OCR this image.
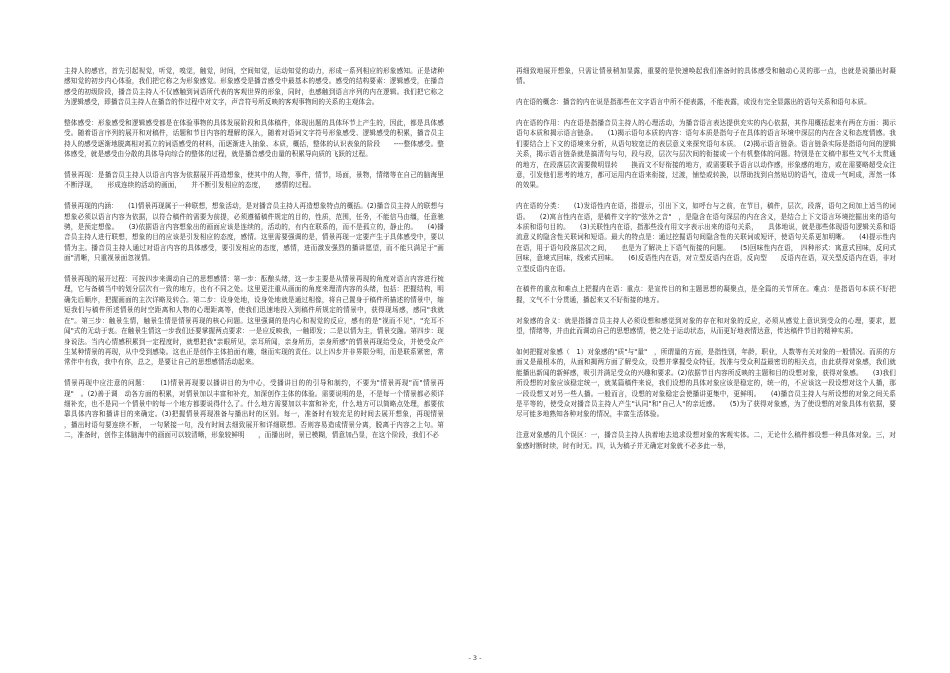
主持人的感官，首先引起视觉，听觉，嗅觉，触觉，时间，空间知觉，运动知觉的动力，形成一系列相应的形象感知。正是诸种感知觉的初步内心体验，我们把它称之为形象感觉。形象感受是播音感受中最基本的感受。感受的结构要素：逻辑感受，在播音感受的初级阶段，播音员主持人不仅感触到词语所代表的客观世界的形象，同时，也感触到语言序列的内在逻辑。我们把它称之为逻辑感受，即播音员主持人在播音的作过程中对文字，声音符号所反映的客观事物间的关系的主观体会。

整体感受：形象感受和逻辑感受都是在体验事物的具体发展阶段和具体稿件，体现出题的具体环节上产生的，因此，都是具体感受。随着语言序列的展开和对稿件，话题和节目内容的理解的深入，随着对语词文字符号形象感受、逻辑感受的积累，播音员主持人的感受逐渐地脱离相对孤立的词语感受的材料，而逐渐进入抽象、本质，概括，整体的认识表象的阶段　　----整体感受。整体感受，就是感受由分散的具体导向综合的整体的过程，就是播音感受由量的积累导向质的飞跃的过程。

情景再现：是播音员主持人以语言内容为依据展开再造想象，使其中的人物，事件，情节，场面，景物，情绪等在自己的脑海里不断浮现，　　形成连续的活动的画面，　　并不断引发相应的态度，　　感情的过程。

情景再现的内涵：　　(1)情景再现属于一种联想，想象活动，是对播音员主持人再造想象特点的概括。(2)播音员主持人的联想与想象必须以语言内容为依据，以符合稿件的需要为前提，必须遵循稿件规定的目的，性质，范围，任务，不能信马由缰，任意驰骋，是预定想像。　　(3)依据语言内容想象出的画面应该是连续的，活动的，有内在联系的，而不是孤立的，静止的。　　(4)播音员主持人进行联想，想象的目的应该是引发相应的态度，感情。这里需要强调的是，情景再现一定要产生于具体感受中，要以情为主。播音员主持人通过对语言内容的具体感受，要引发相应的态度，感情，进而激发强烈的播讲愿望，而不能只满足于"画面"清晰，只重视景面忽视情。

情景再现的展开过程：可按四步来调动自己的思想感情：第一步：酝酿头绪，这一步主要是从情景再现的角度对语言内容进行梳理，它与备稿当中的划分层次有一致的地方，也有不同之处。这里更注重从画面的角度来理清内容的头绪，包括：把握结构，明确先后顺序，把握画面的主次详略及转合。第二步：设身处地，设身处地就是通过相像，将自己置身于稿件所描述的情景中，缩短我们与稿件所述情景的时空距离和人物的心理距离等，使我们迅速地投入到稿件所规定的情景中，获得现场感，感同"我就在"。第三步：触景生情，触景生情是情景再现的核心问题。这里强调的是内心和视觉的反应，感有的是"视而不见"，"充耳不闻"式的无动于衷。在触景生情这一步我们还要掌握两点要求：一是应反映我，一触即发；二是以情为主，情景交融。第四步：现身说法。当内心情感积累到一定程度时，就想把我"亲眼所见，亲耳所闻，亲身所历，亲身所感"的情景再现给受众，并使受众产生某种情景的再现，从中受到感染。这也正是创作主体拍面有趣，继而实现的责任。以上四步并非界限分明，而是联系紧密，常常伴中有我，我中有你，总之，是要让自己的思想感情活动起来。

情景再现中应注意的问题：　　(1)情景再现要以播讲目的为中心，受播讲目的的引导和制约，不要为"情景再现"而"情景再现"　。(2)善于调　动各方面的积累，对情景加以丰富和补充，加深创作主体的体验。需要说明的是，不是每一个情景都必须详细补充，也不是同一个情景中的每一个地方都要说得什么了。什么地方需要加以丰富和补充，什么地方可以简略点处理，都要依靠具体内容和播讲目的来确定。(3)把握情景再现准备与播出时的区别。每一，准备时有较充足的时间去展开想象，再现情景　　，播出时语句要连续不断，　一句紧接一句，没有时间去细致展开和详细联想。否则容易造成情景分离，脱离于内容之上句。第二，准备时，创作主体脑海中的画面可以较清晰，形象较鲜明　　，而播出时，景已模糊，情意加凸显，在这个阶段，我们不必

再细致地展开想象，只需让情景稍加显露，重要的是快速唤起我们准备时的具体感受和触动心灵的那一点，也就是说播出时凝情。

内在语的概念：播音的内在说是指那些在文字语言中所不便表露，不能表露，或没有完全显露出的语句关系和语句本质。

内在语的作用：内在语是指播音员主持人的心理活动，为播音语言表达提供充实的内心依据，其作用概括起来有两在方面：揭示语句本质和揭示语言链条。　　(1)揭示语句本质的内容：语句本质是指句子在具体的语言环境中深层的内在含义和态度情感。我们要结合上下文的语境来分析，从语句较宽泛的表层意义来探究语句本质。　(2)揭示语言链条。语言链条实际是指语句间的逻辑关系，揭示语言链条就是搞清句与句，段与段，层次与层次间的衔接或一个有机整体的问题。特别是在文稿中那些文气不太贯通的地方，在段落层次需要微明显转　　换而文不好衔接的地方，或需要联予语言以动作感，形象感的地方，或在需要略超受众注意，引发他们思考的地方，都可运用内在语来衔接，过渡，铺垫或转换，以帮助找到自然贴切的语气，造成一气呵成，浑然一体的效果。

内在语的分类：　　(1)发语性内在语，指提示，引出下文，如呼台与之前，在节目，稿件，层次，段落，语句之间加上适当的词语。　　(2)寓言性内在语，是稿件文字的"弦外之音"　，是隐含在语句深层的内在含义，是结合上下文语言环境挖掘出来的语句本质和语句目的。　　(3)关联性内在语，指那些没有用文字表示出来的语句关系，　　具体地说，就是那些体现语句逻辑关系和语流意义的隐含性关联词和短语。最大的特点是：通过挖掘语句间隐含性的关联词或短评，使语句关系更加明晰。　　(4)提示性内在语，用于语句段落层次之间，　　也是为了解决上下语气衔接的问题。　　(5)回味性内在语，　四种形式：寓意式回味，反问式回味，意境式回味，线索式回味。　　(6)反语性内在语，对立型反语内在语，反向型　　反语内在语，双关型反语内在语，非对立型反语内在语。

在稿件的重点和难点上把握内在语：重点：是宣传目的和主题思想的凝聚点，是全篇的关节所在。难点：是指语句本质不好把握，文气不十分贯通，播起来又不好衔接的地方。

对象感的含义：就是指播音员主持人必须设想和感觉到对象的存在和对象的反应，必须从感觉上意识到受众的心理，要求，愿望，情绪等，并由此而调动自己的思想感情，使之处于运动状态，从而更好地表情达意，传达稿件节目的精神实质。

如何把握对象感（　1）对象感的"质"与"量"　，所谓量的方面，是指性别，年龄，职业，人数等有关对象的一般情况。而质的方面又是最根本的，从面和揭两方面了解受众，设想并掌握受众特征，找准与受众利益最密切的相关点，由此获得对象感，我们就能播出新闻的新鲜感，吸引并满足受众的兴趣和要求。(2)依据节目内容所反映的主题和目的设想对象，获得对象感。　　(3)我们所设想的对象应该稳定统一，就某篇稿件来说，我们设想的具体对象应该是稳定的，统一的，不应该这一段设想对这个人播，那一段设想又对另一些人播。一般而言，设想的对象稳定会使播讲更集中，更鲜明。　　(4)播音员主持人与所设想的对象之间关系是平等的，使受众对播音员主持人产生"认同"和"自己人"的亲近感。　　(5)为了获得对象感，为了使设想的对象具体有依据，要尽可能多地熟知各种对象的情况，丰富生活体验。

注意对象感的几个误区：一，播音员主持人执着地去追求设想对象的客观实体。二，无论什么稿件都设想一种具体对象。三，对象感时断时续，时有时无。四，认为稿子并无确定对象就不必多此一举，

- 3 -
